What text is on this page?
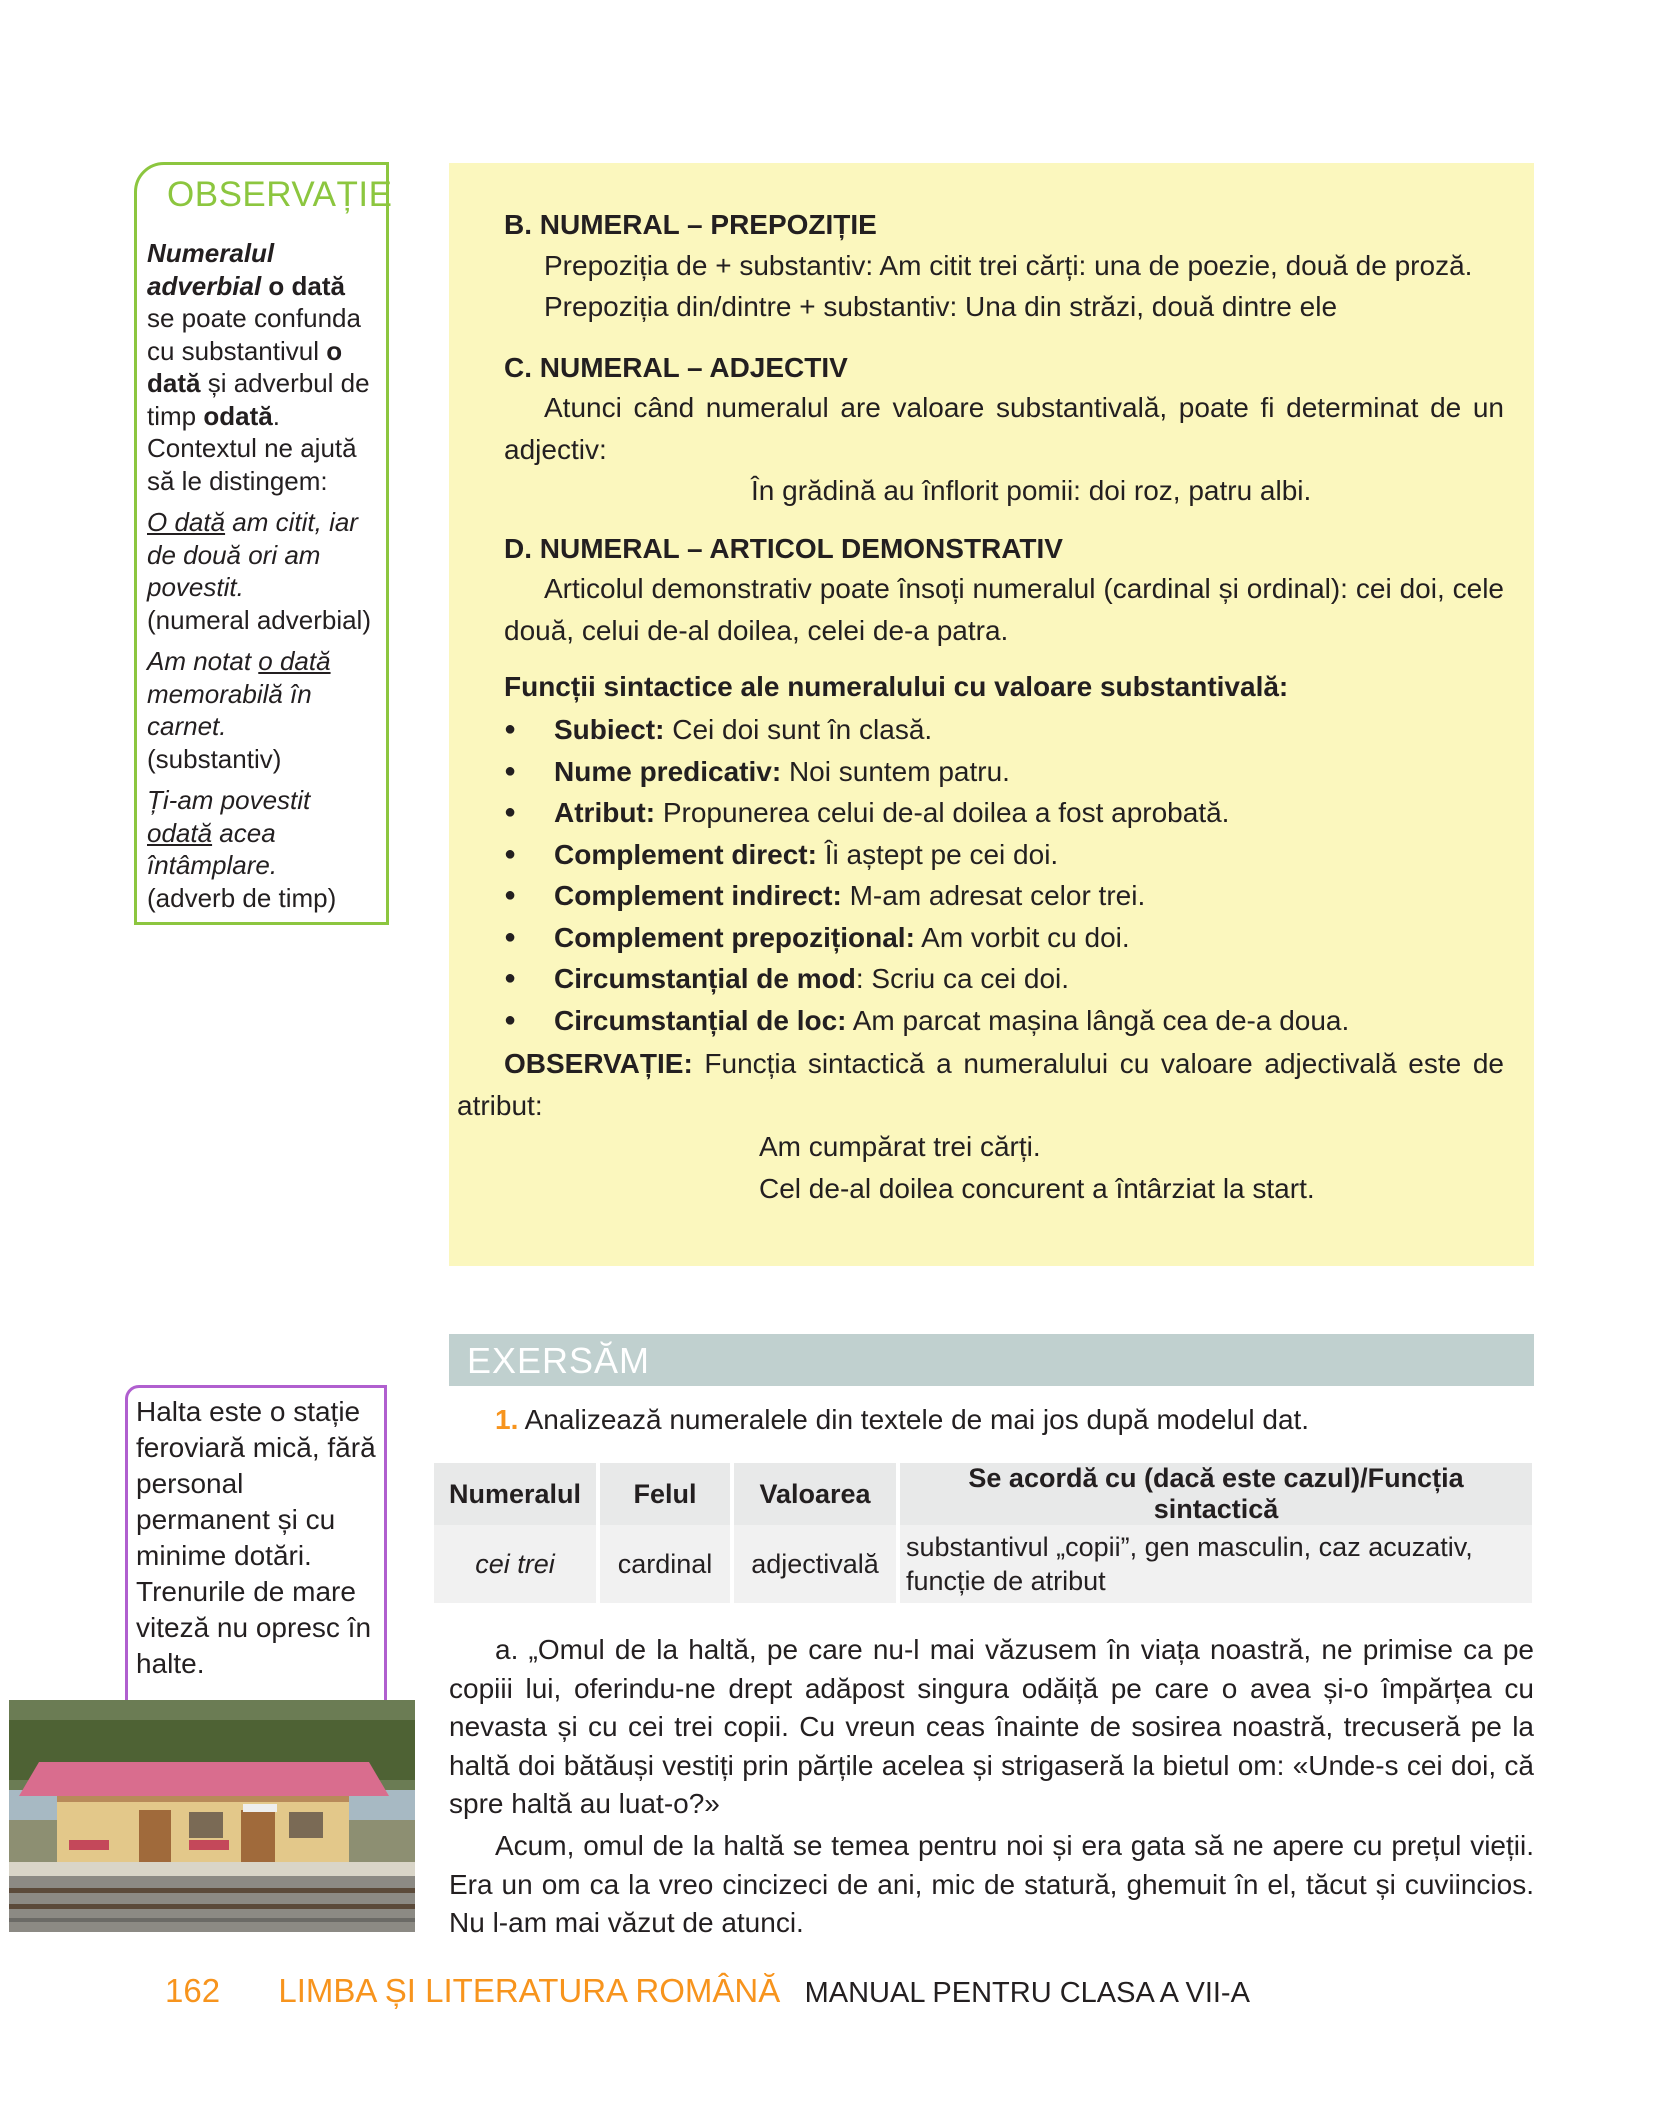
OBSERVAȚIE

Numeralul adverbial o dată se poate confunda cu substantivul o dată și adverbul de timp odată. Contextul ne ajută să le distingem:

O dată am citit, iar de două ori am povestit.
(numeral adverbial)

Am notat o dată memorabilă în carnet.
(substantiv)

Ți-am povestit odată acea întâmplare.
(adverb de timp)

B. NUMERAL – PREPOZIȚIE
Prepoziția de + substantiv: Am citit trei cărți: una de poezie, două de proză.
Prepoziția din/dintre + substantiv: Una din străzi, două dintre ele
C. NUMERAL – ADJECTIV
Atunci când numeralul are valoare substantivală, poate fi determinat de un
adjectiv:
În grădină au înflorit pomii: doi roz, patru albi.
D. NUMERAL – ARTICOL DEMONSTRATIV
Articolul demonstrativ poate însoți numeralul (cardinal și ordinal): cei doi, cele
două, celui de-al doilea, celei de-a patra.
Funcții sintactice ale numeralului cu valoare substantivală:
● Subiect: Cei doi sunt în clasă.
● Nume predicativ: Noi suntem patru.
● Atribut: Propunerea celui de-al doilea a fost aprobată.
● Complement direct: Îi aștept pe cei doi.
● Complement indirect: M-am adresat celor trei.
● Complement prepozițional: Am vorbit cu doi.
● Circumstanțial de mod: Scriu ca cei doi.
● Circumstanțial de loc: Am parcat mașina lângă cea de-a doua.
OBSERVAȚIE: Funcția sintactică a numeralului cu valoare adjectivală este de
atribut:
Am cumpărat trei cărți.
Cel de-al doilea concurent a întârziat la start.
EXERSĂM
1. Analizează numeralele din textele de mai jos după modelul dat.
Numeralul	Felul	Valoarea	Se acordă cu (dacă este cazul)/Funcția sintactică
cei trei	cardinal	adjectivală	substantivul „copii”, gen masculin, caz acuzativ, funcție de atribut
a. „Omul de la haltă, pe care nu-l mai văzusem în viața noastră, ne primise ca pe copiii lui, oferindu-ne drept adăpost singura odăiță pe care o avea și-o împărțea cu nevasta și cu cei trei copii. Cu vreun ceas înainte de sosirea noastră, trecuseră pe la haltă doi bătăuși vestiți prin părțile acelea și strigaseră la bietul om: «Unde-s cei doi, că spre haltă au luat-o?»
Acum, omul de la haltă se temea pentru noi și era gata să ne apere cu prețul vieții. Era un om ca la vreo cincizeci de ani, mic de statură, ghemuit în el, tăcut și cuviincios. Nu l-am mai văzut de atunci.
Halta este o stație feroviară mică, fără personal permanent și cu minime dotări. Trenurile de mare viteză nu opresc în halte.
162 LIMBA ȘI LITERATURA ROMÂNĂ MANUAL PENTRU CLASA A VII-A
